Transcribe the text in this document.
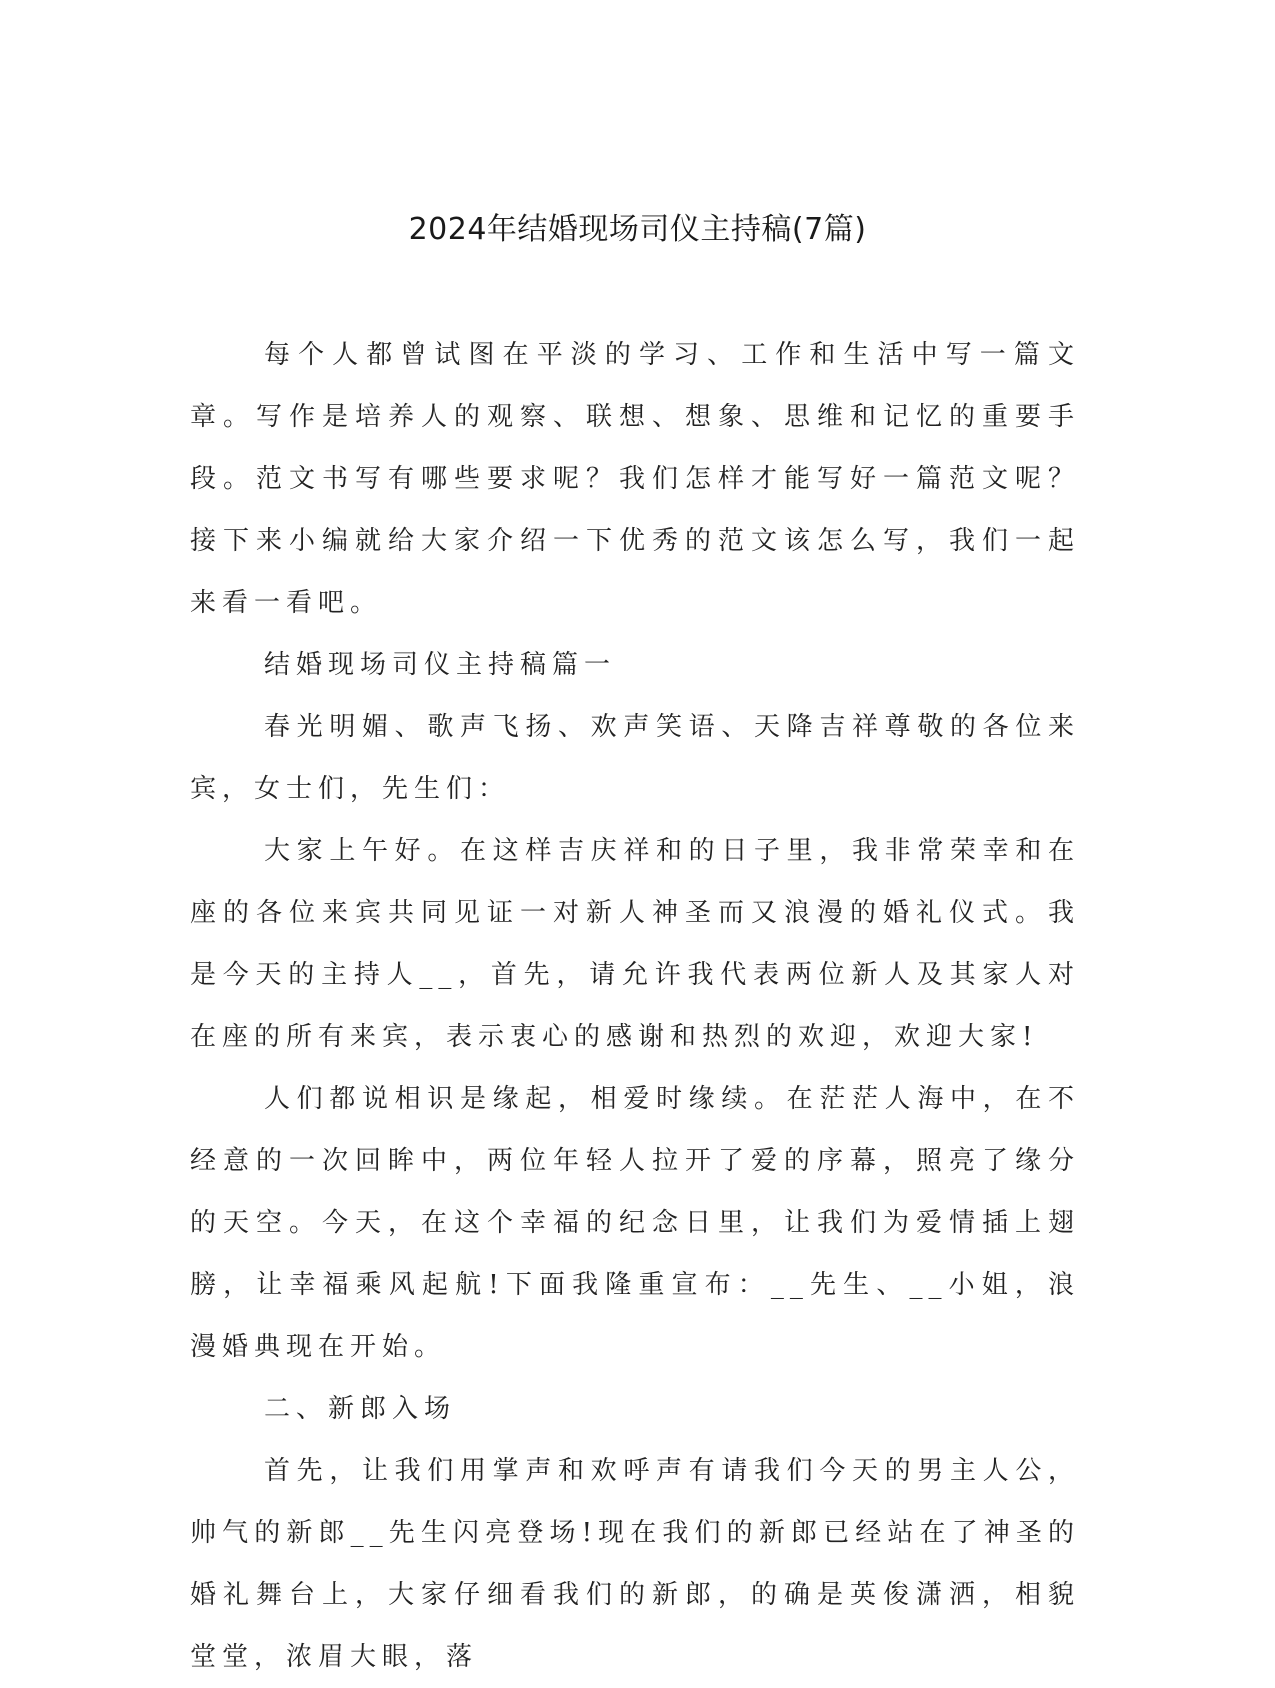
2024年结婚现场司仪主持稿(7篇)

每个人都曾试图在平淡的学习、工作和生活中写一篇文章。写作是培养人的观察、联想、想象、思维和记忆的重要手段。范文书写有哪些要求呢？我们怎样才能写好一篇范文呢？接下来小编就给大家介绍一下优秀的范文该怎么写，我们一起来看一看吧。

结婚现场司仪主持稿篇一

春光明媚、歌声飞扬、欢声笑语、天降吉祥尊敬的各位来宾，女士们，先生们：

大家上午好。在这样吉庆祥和的日子里，我非常荣幸和在座的各位来宾共同见证一对新人神圣而又浪漫的婚礼仪式。我是今天的主持人__，首先，请允许我代表两位新人及其家人对在座的所有来宾，表示衷心的感谢和热烈的欢迎，欢迎大家!

人们都说相识是缘起，相爱时缘续。在茫茫人海中，在不经意的一次回眸中，两位年轻人拉开了爱的序幕，照亮了缘分的天空。今天，在这个幸福的纪念日里，让我们为爱情插上翅膀，让幸福乘风起航!下面我隆重宣布：__先生、__小姐，浪漫婚典现在开始。

二、新郎入场

首先，让我们用掌声和欢呼声有请我们今天的男主人公，帅气的新郎__先生闪亮登场!现在我们的新郎已经站在了神圣的婚礼舞台上，大家仔细看我们的新郎，的确是英俊潇洒，相貌堂堂，浓眉大眼，落
